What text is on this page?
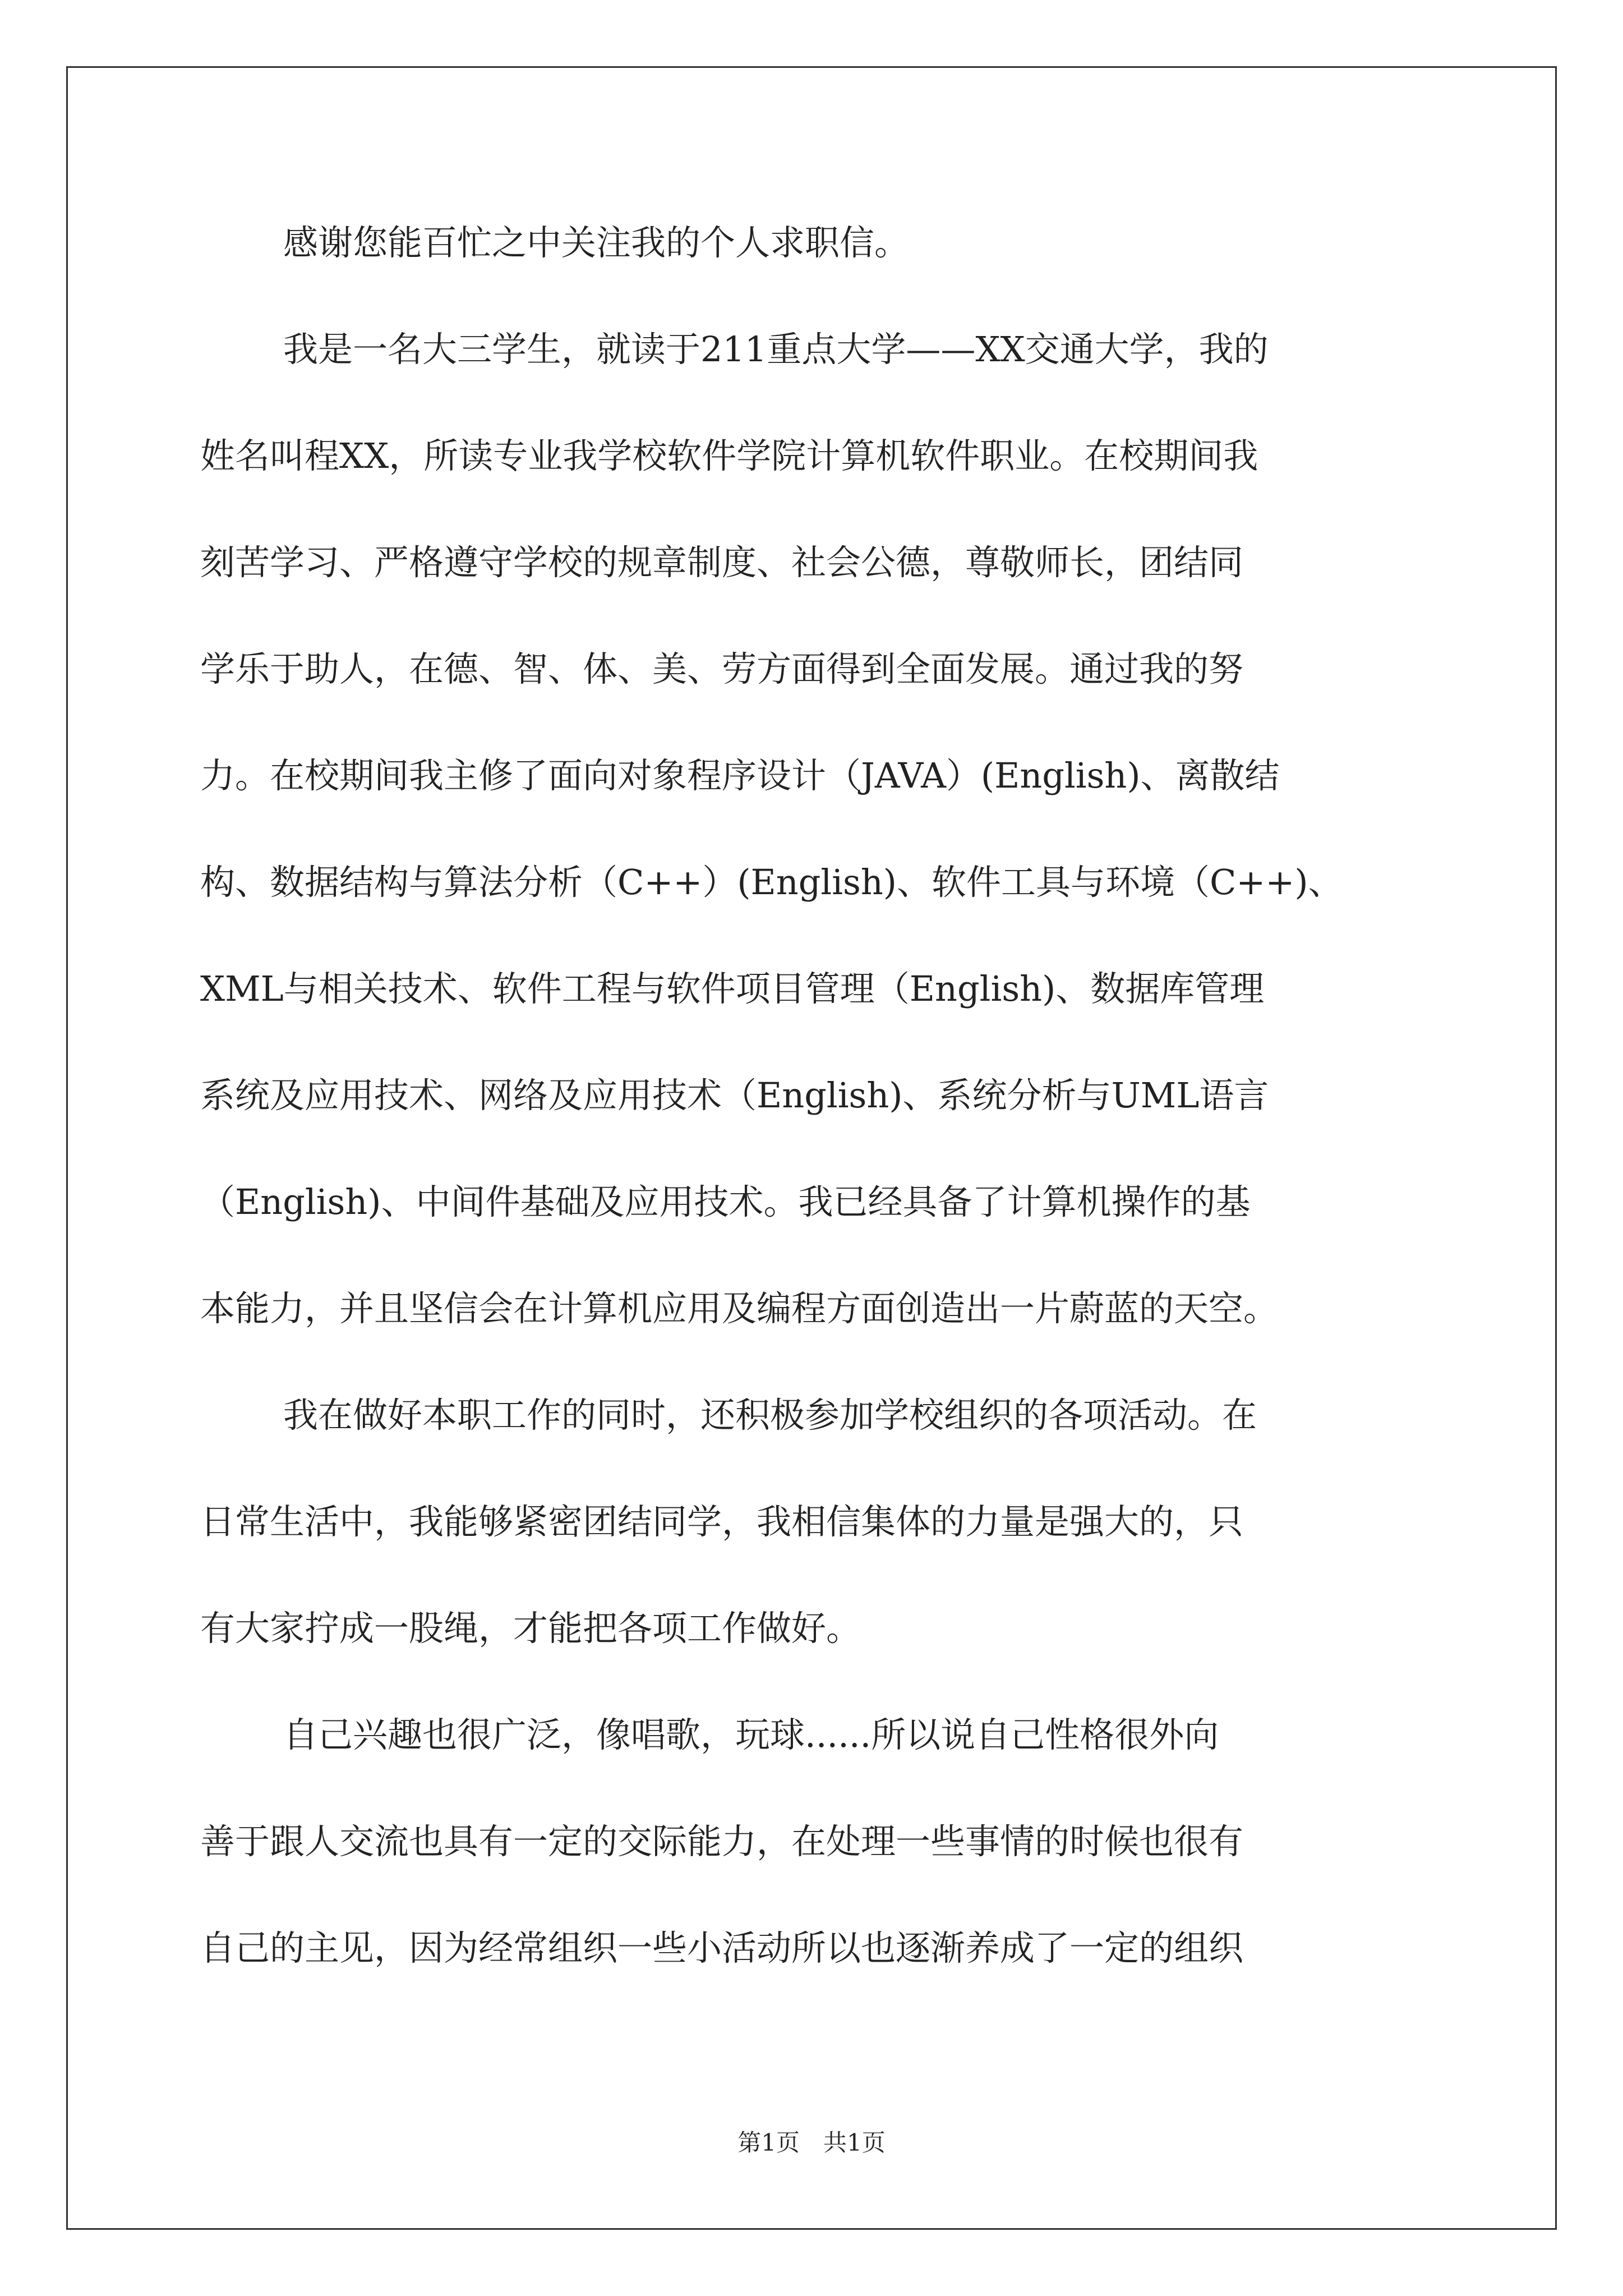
感谢您能百忙之中关注我的个人求职信。
我是一名大三学生，就读于211重点大学——XX交通大学，我的
姓名叫程XX，所读专业我学校软件学院计算机软件职业。在校期间我
刻苦学习、严格遵守学校的规章制度、社会公德，尊敬师长，团结同
学乐于助人，在德、智、体、美、劳方面得到全面发展。通过我的努
力。在校期间我主修了面向对象程序设计（JAVA）(English)、离散结
构、数据结构与算法分析（C++）(English)、软件工具与环境（C++)、
XML与相关技术、软件工程与软件项目管理（English)、数据库管理
系统及应用技术、网络及应用技术（English)、系统分析与UML语言
（English)、中间件基础及应用技术。我已经具备了计算机操作的基
本能力，并且坚信会在计算机应用及编程方面创造出一片蔚蓝的天空。
我在做好本职工作的同时，还积极参加学校组织的各项活动。在
日常生活中，我能够紧密团结同学，我相信集体的力量是强大的，只
有大家拧成一股绳，才能把各项工作做好。
自己兴趣也很广泛，像唱歌，玩球......所以说自己性格很外向
善于跟人交流也具有一定的交际能力，在处理一些事情的时候也很有
自己的主见，因为经常组织一些小活动所以也逐渐养成了一定的组织
第1页　共1页
